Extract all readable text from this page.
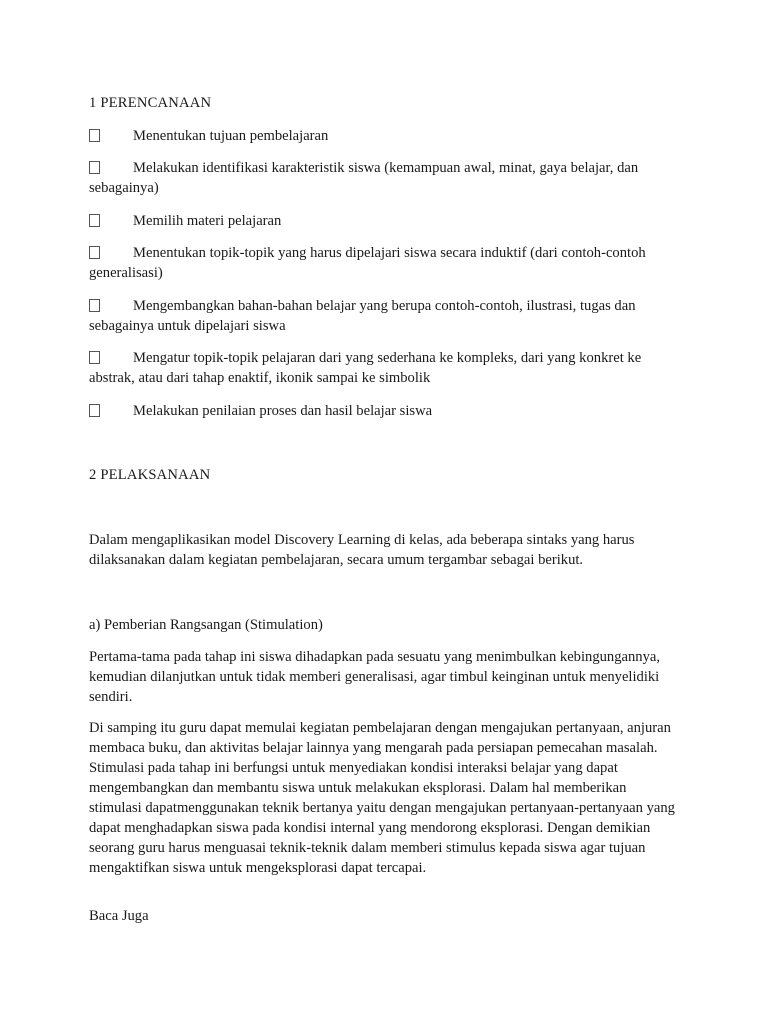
1 PERENCANAAN

Menentukan tujuan pembelajaran

Melakukan identifikasi karakteristik siswa (kemampuan awal, minat, gaya belajar, dan sebagainya)

Memilih materi pelajaran

Menentukan topik-topik yang harus dipelajari siswa secara induktif (dari contoh-contoh generalisasi)

Mengembangkan bahan-bahan belajar yang berupa contoh-contoh, ilustrasi, tugas dan sebagainya untuk dipelajari siswa

Mengatur topik-topik pelajaran dari yang sederhana ke kompleks, dari yang konkret ke abstrak, atau dari tahap enaktif, ikonik sampai ke simbolik

Melakukan penilaian proses dan hasil belajar siswa

2 PELAKSANAAN

Dalam mengaplikasikan model Discovery Learning di kelas, ada beberapa sintaks yang harus dilaksanakan dalam kegiatan pembelajaran, secara umum tergambar sebagai berikut.

a) Pemberian Rangsangan (Stimulation)

Pertama-tama pada tahap ini siswa dihadapkan pada sesuatu yang menimbulkan kebingungannya, kemudian dilanjutkan untuk tidak memberi generalisasi, agar timbul keinginan untuk menyelidiki sendiri.

Di samping itu guru dapat memulai kegiatan pembelajaran dengan mengajukan pertanyaan, anjuran membaca buku, dan aktivitas belajar lainnya yang mengarah pada persiapan pemecahan masalah. Stimulasi pada tahap ini berfungsi untuk menyediakan kondisi interaksi belajar yang dapat mengembangkan dan membantu siswa untuk melakukan eksplorasi. Dalam hal memberikan stimulasi dapatmenggunakan teknik bertanya yaitu dengan mengajukan pertanyaan-pertanyaan yang dapat menghadapkan siswa pada kondisi internal yang mendorong eksplorasi. Dengan demikian seorang guru harus menguasai teknik-teknik dalam memberi stimulus kepada siswa agar tujuan mengaktifkan siswa untuk mengeksplorasi dapat tercapai.

Baca Juga
